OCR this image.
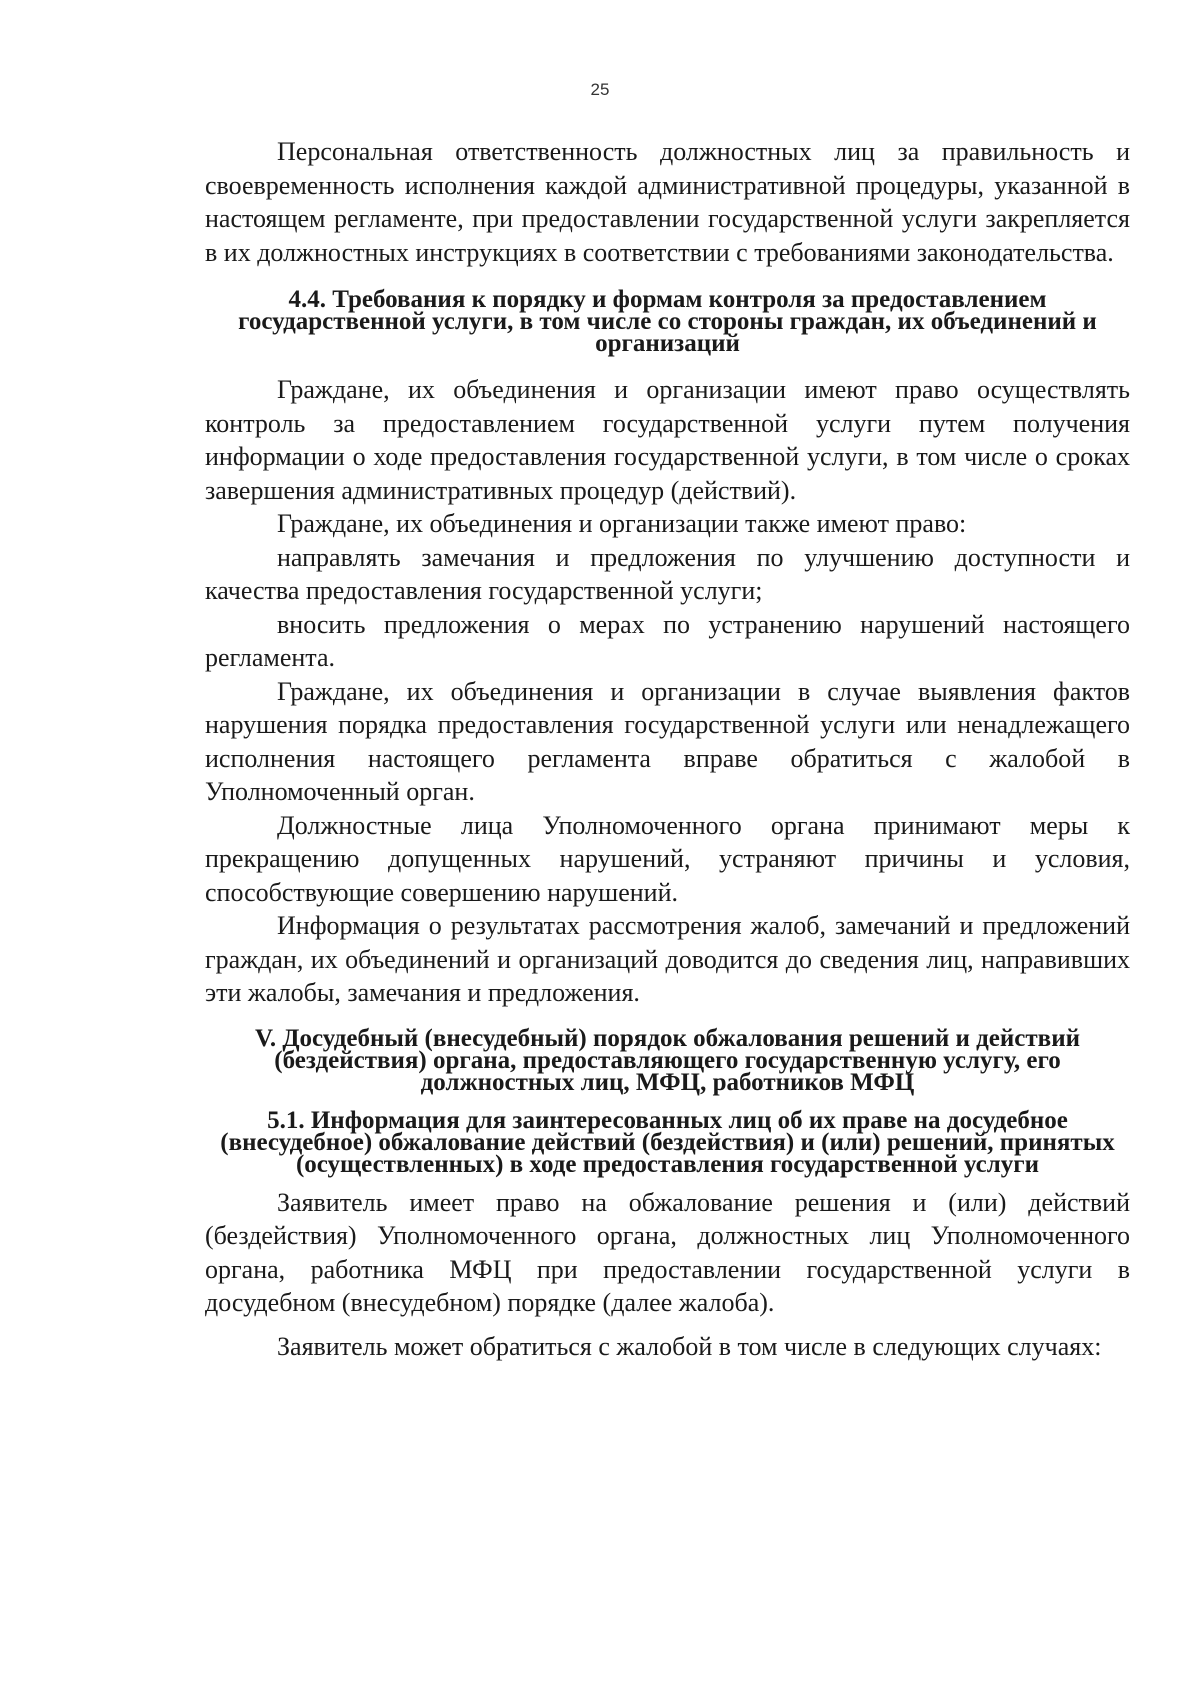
25

Персональная ответственность должностных лиц за правильность и своевременность исполнения каждой административной процедуры, указанной в настоящем регламенте, при предоставлении государственной услуги закрепляется в их должностных инструкциях в соответствии с требованиями законодательства.

4.4. Требования к порядку и формам контроля за предоставлением государственной услуги, в том числе со стороны граждан, их объединений и организаций

Граждане, их объединения и организации имеют право осуществлять контроль за предоставлением государственной услуги путем получения информации о ходе предоставления государственной услуги, в том числе о сроках завершения административных процедур (действий).

Граждане, их объединения и организации также имеют право:

направлять замечания и предложения по улучшению доступности и качества предоставления государственной услуги;

вносить предложения о мерах по устранению нарушений настоящего регламента.

Граждане, их объединения и организации в случае выявления фактов нарушения порядка предоставления государственной услуги или ненадлежащего исполнения настоящего регламента вправе обратиться с жалобой в Уполномоченный орган.

Должностные лица Уполномоченного органа принимают меры к прекращению допущенных нарушений, устраняют причины и условия, способствующие совершению нарушений.

Информация о результатах рассмотрения жалоб, замечаний и предложений граждан, их объединений и организаций доводится до сведения лиц, направивших эти жалобы, замечания и предложения.

V. Досудебный (внесудебный) порядок обжалования решений и действий (бездействия) органа, предоставляющего государственную услугу, его должностных лиц, МФЦ, работников МФЦ
5.1. Информация для заинтересованных лиц об их праве на досудебное (внесудебное) обжалование действий (бездействия) и (или) решений, принятых (осуществленных) в ходе предоставления государственной услуги

Заявитель имеет право на обжалование решения и (или) действий (бездействия) Уполномоченного органа, должностных лиц Уполномоченного органа, работника МФЦ при предоставлении государственной услуги в досудебном (внесудебном) порядке (далее жалоба).

Заявитель может обратиться с жалобой в том числе в следующих случаях:
